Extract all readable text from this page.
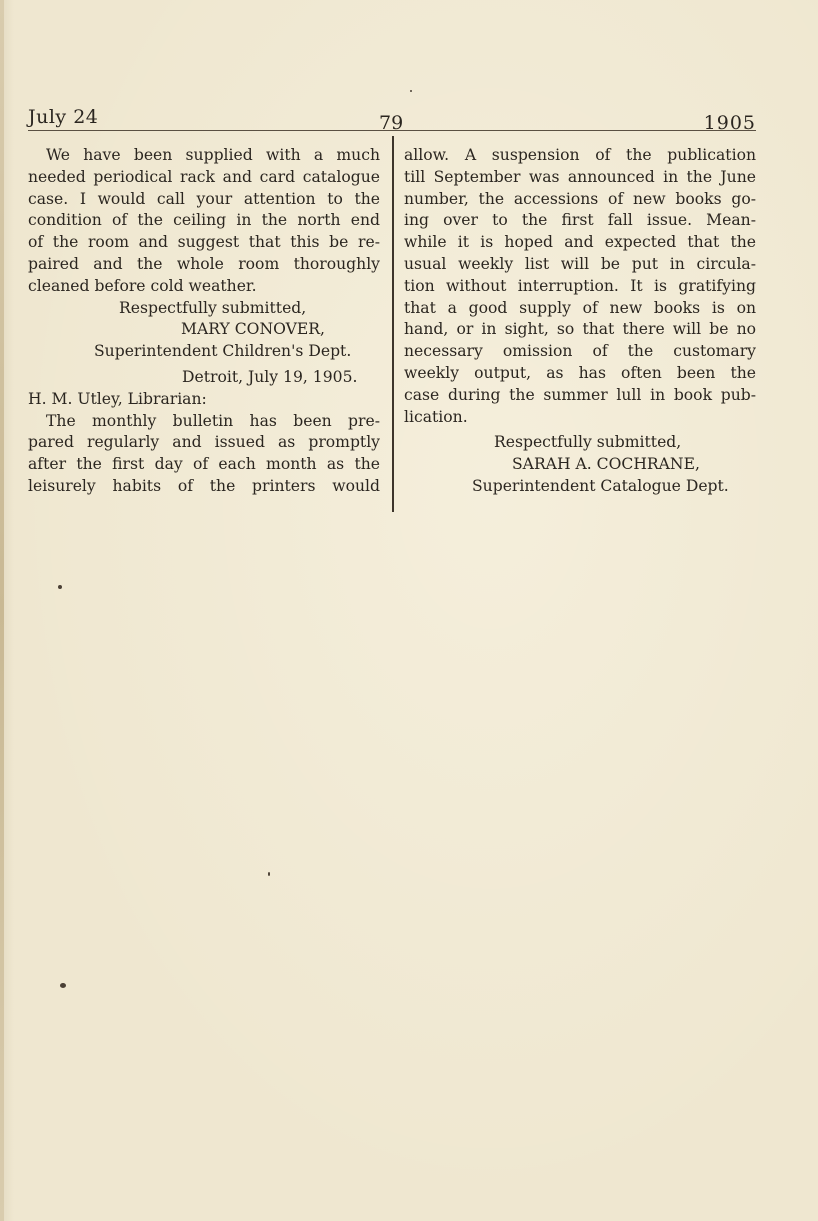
July 24	79	1905

We have been supplied with a much

needed periodical rack and card catalogue

case. I would call your attention to the

condition of the ceiling in the north end

of the room and suggest that this be re-

paired and the whole room thoroughly

cleaned before cold weather.

Respectfully submitted,
MARY CONOVER,
Superintendent Children's Dept.
Detroit, July 19, 1905.
H. M. Utley, Librarian:

The monthly bulletin has been pre-

pared regularly and issued as promptly

after the first day of each month as the

leisurely habits of the printers would

allow. A suspension of the publication

till September was announced in the June

number, the accessions of new books go-

ing over to the first fall issue. Mean-

while it is hoped and expected that the

usual weekly list will be put in circula-

tion without interruption. It is gratifying

that a good supply of new books is on

hand, or in sight, so that there will be no

necessary omission of the customary

weekly output, as has often been the

case during the summer lull in book pub-

lication.

Respectfully submitted,
SARAH A. COCHRANE,
Superintendent Catalogue Dept.
